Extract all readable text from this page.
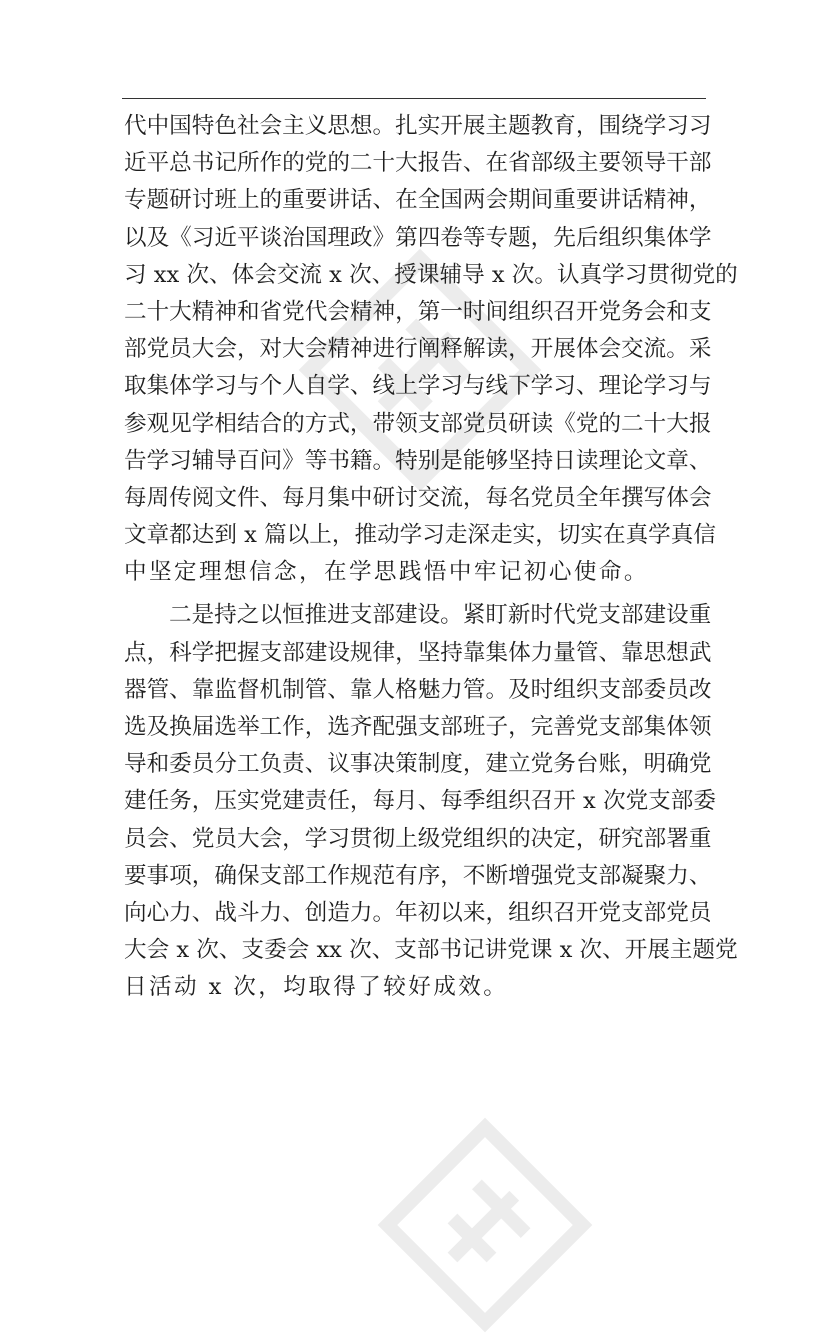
代中国特色社会主义思想。扎实开展主题教育，围绕学习习
近平总书记所作的党的二十大报告、在省部级主要领导干部
专题研讨班上的重要讲话、在全国两会期间重要讲话精神，
以及《习近平谈治国理政》第四卷等专题，先后组织集体学
习 xx 次、体会交流 x 次、授课辅导 x 次。认真学习贯彻党的
二十大精神和省党代会精神，第一时间组织召开党务会和支
部党员大会，对大会精神进行阐释解读，开展体会交流。采
取集体学习与个人自学、线上学习与线下学习、理论学习与
参观见学相结合的方式，带领支部党员研读《党的二十大报
告学习辅导百问》等书籍。特别是能够坚持日读理论文章、
每周传阅文件、每月集中研讨交流，每名党员全年撰写体会
文章都达到 x 篇以上，推动学习走深走实，切实在真学真信
中坚定理想信念，在学思践悟中牢记初心使命。
二是持之以恒推进支部建设。紧盯新时代党支部建设重
点，科学把握支部建设规律，坚持靠集体力量管、靠思想武
器管、靠监督机制管、靠人格魅力管。及时组织支部委员改
选及换届选举工作，选齐配强支部班子，完善党支部集体领
导和委员分工负责、议事决策制度，建立党务台账，明确党
建任务，压实党建责任，每月、每季组织召开 x 次党支部委
员会、党员大会，学习贯彻上级党组织的决定，研究部署重
要事项，确保支部工作规范有序，不断增强党支部凝聚力、
向心力、战斗力、创造力。年初以来，组织召开党支部党员
大会 x 次、支委会 xx 次、支部书记讲党课 x 次、开展主题党
日活动 x 次，均取得了较好成效。
